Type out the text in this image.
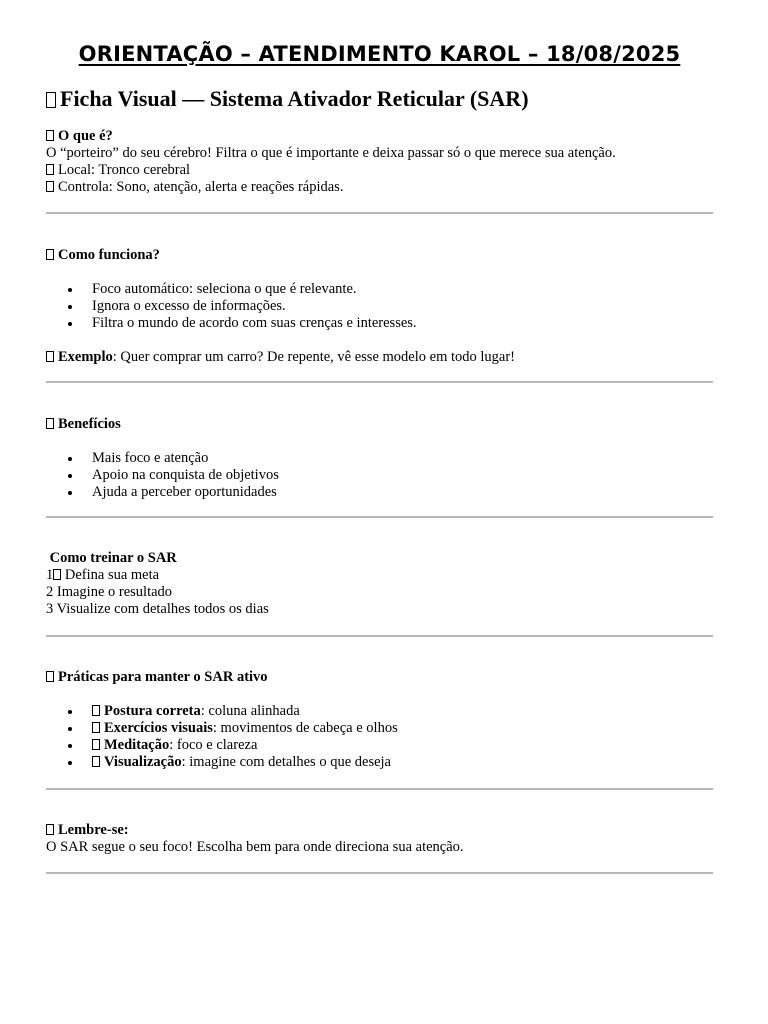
ORIENTAÇÃO – ATENDIMENTO KAROL – 18/08/2025
Ficha Visual — Sistema Ativador Reticular (SAR)
O que é?
O “porteiro” do seu cérebro! Filtra o que é importante e deixa passar só o que merece sua atenção.
Local: Tronco cerebral
Controla: Sono, atenção, alerta e reações rápidas.
Como funciona?
Foco automático: seleciona o que é relevante.
Ignora o excesso de informações.
Filtra o mundo de acordo com suas crenças e interesses.
Exemplo: Quer comprar um carro? De repente, vê esse modelo em todo lugar!
Benefícios
Mais foco e atenção
Apoio na conquista de objetivos
Ajuda a perceber oportunidades
Como treinar o SAR
1 Defina sua meta
2 Imagine o resultado
3 Visualize com detalhes todos os dias
Práticas para manter o SAR ativo
Postura correta: coluna alinhada
Exercícios visuais: movimentos de cabeça e olhos
Meditação: foco e clareza
Visualização: imagine com detalhes o que deseja
Lembre-se:
O SAR segue o seu foco! Escolha bem para onde direciona sua atenção.
